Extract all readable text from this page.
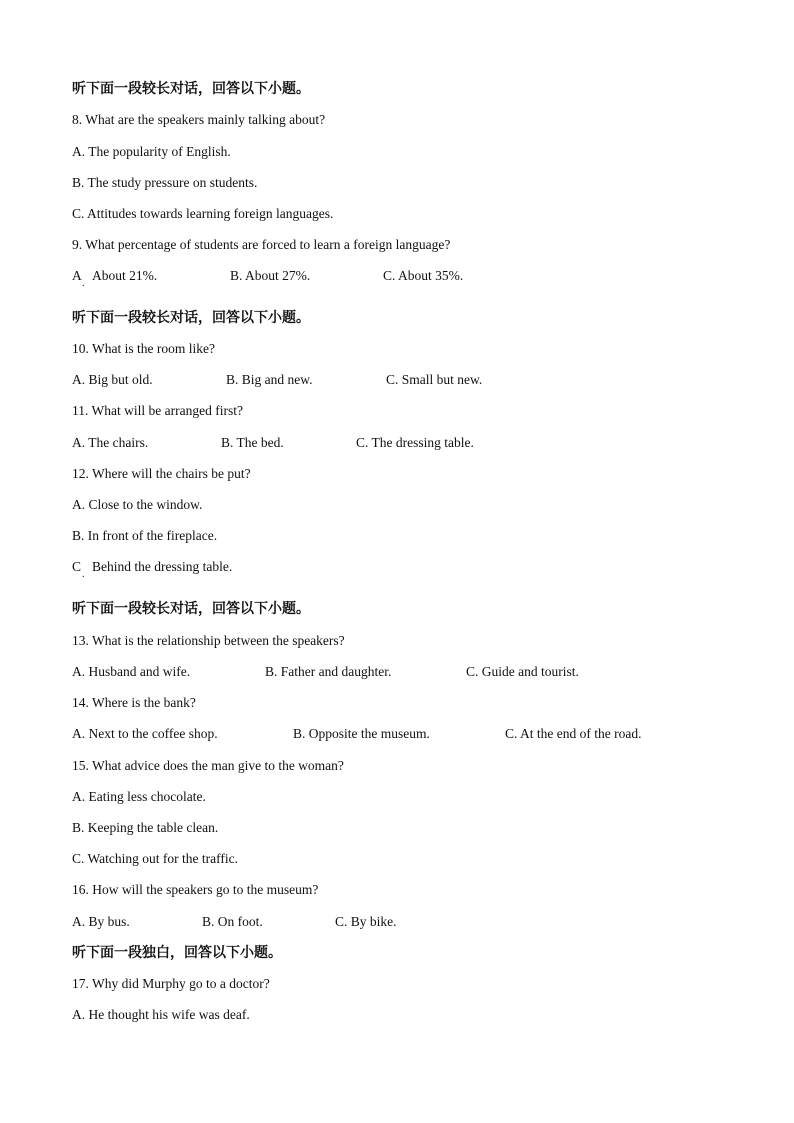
听下面一段较长对话，回答以下小题。
8. What are the speakers mainly talking about?
A. The popularity of English.
B. The study pressure on students.
C. Attitudes towards learning foreign languages.
9. What percentage of students are forced to learn a foreign language?
A
.
About 21%.	B. About 27%.	C. About 35%.
听下面一段较长对话，回答以下小题。
10. What is the room like?
A. Big but old.	B. Big and new.	C. Small but new.
11. What will be arranged first?
A. The chairs.	B. The bed.	C. The dressing table.
12. Where will the chairs be put?
A. Close to the window.
B. In front of the fireplace.
C
.
Behind the dressing table.
听下面一段较长对话，回答以下小题。
13. What is the relationship between the speakers?
A. Husband and wife.	B. Father and daughter.	C. Guide and tourist.
14. Where is the bank?
A. Next to the coffee shop.	B. Opposite the museum.	C. At the end of the road.
15. What advice does the man give to the woman?
A. Eating less chocolate.
B. Keeping the table clean.
C. Watching out for the traffic.
16. How will the speakers go to the museum?
A. By bus.	B. On foot.	C. By bike.
听下面一段独白，回答以下小题。
17. Why did Murphy go to a doctor?
A. He thought his wife was deaf.
